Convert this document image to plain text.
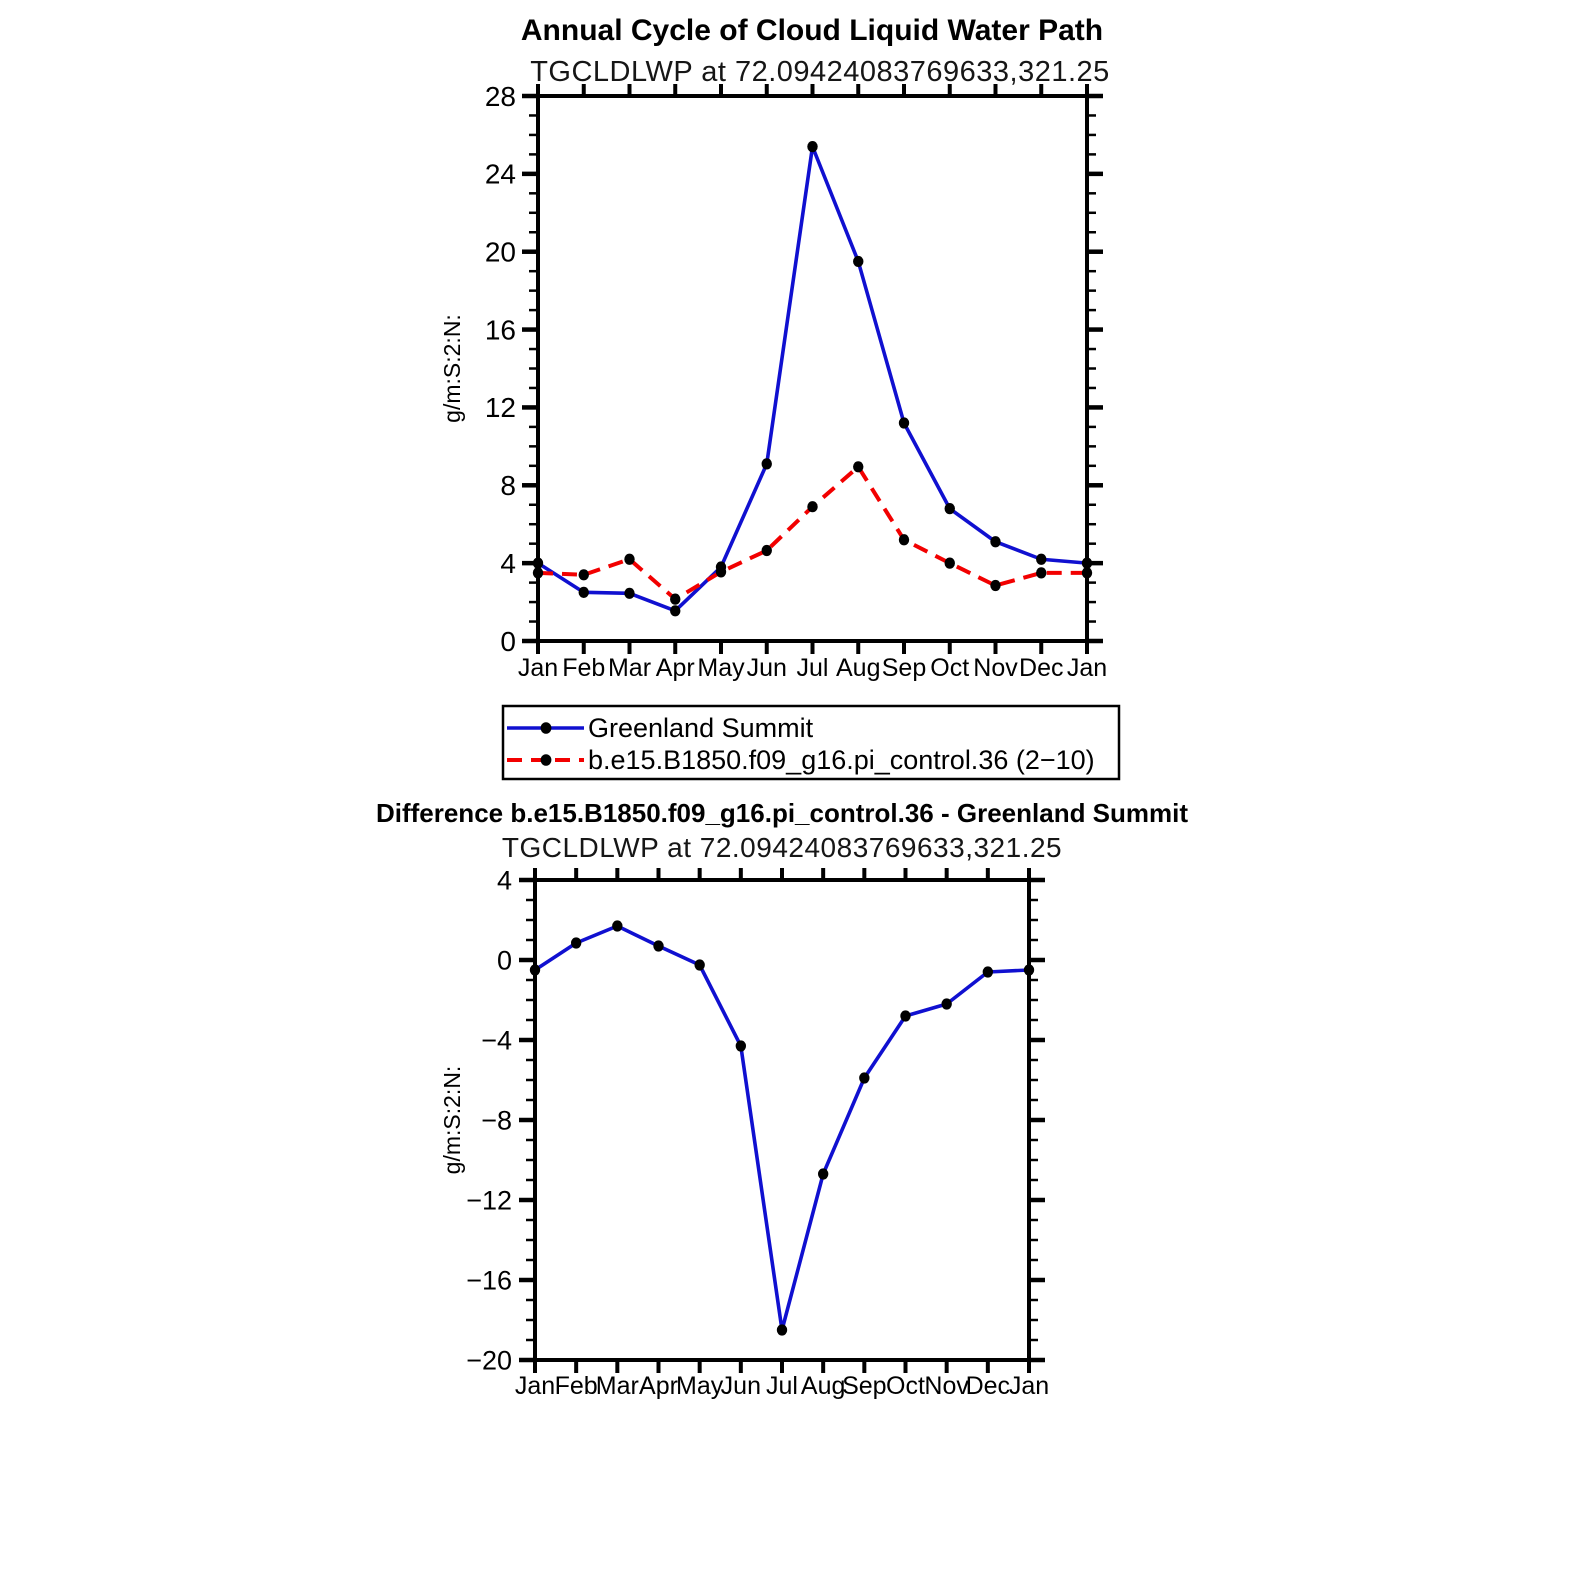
Annual Cycle of Cloud Liquid Water Path
TGCLDLWP at 72.09424083769633,321.25
Jan Feb Mar Apr May Jun Jul Aug Sep Oct Nov Dec Jan
0
4
8
12
16
20
24
28
g/m:S:2:N:
Greenland Summit
b.e15.B1850.f09_g16.pi_control.36 (2−10)
Difference b.e15.B1850.f09_g16.pi_control.36 - Greenland Summit
TGCLDLWP at 72.09424083769633,321.25
Jan Feb
Mar Apr
May
Jun Jul Aug
Sep Oct Nov
Dec
Jan
4
0
−4
−8
−12
−16
−20
g/m:S:2:N:
